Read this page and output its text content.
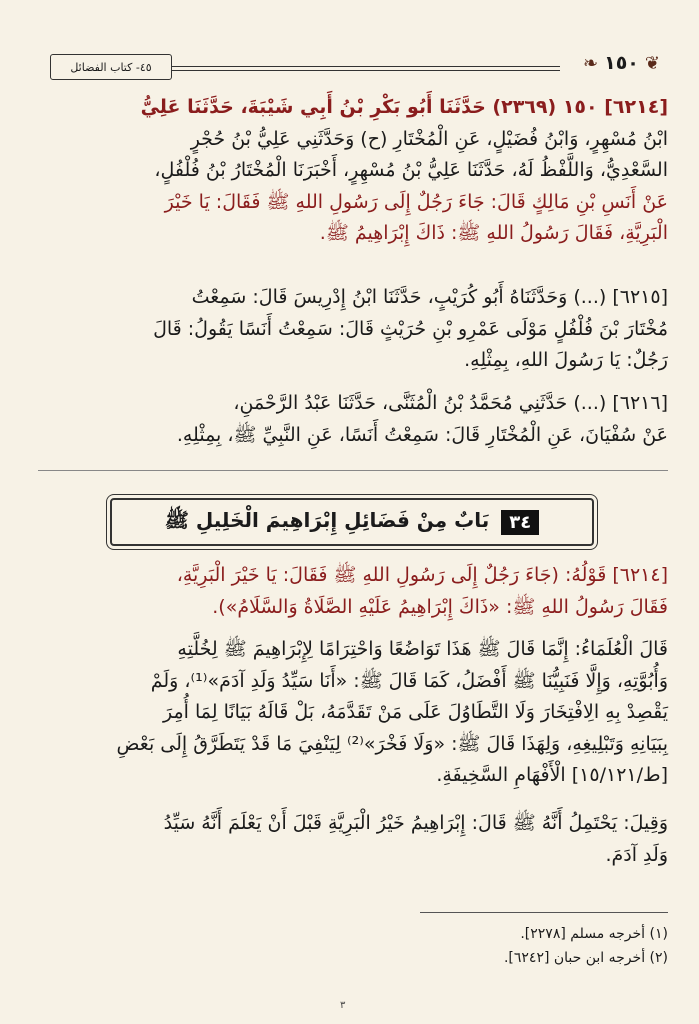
❦
١٥٠
❧
٤٥- كتاب الفضائل
[٦٢١٤] ١٥٠ (٢٣٦٩) حَدَّثَنَا أَبُو بَكْرِ بْنُ أَبِي شَيْبَةَ، حَدَّثَنَا عَلِيُّ
ابْنُ مُسْهِرٍ، وَابْنُ فُضَيْلٍ، عَنِ الْمُخْتَارِ (ح) وَحَدَّثَنِي عَلِيُّ بْنُ حُجْرٍ
السَّعْدِيُّ، وَاللَّفْظُ لَهُ، حَدَّثَنَا عَلِيُّ بْنُ مُسْهِرٍ، أَخْبَرَنَا الْمُخْتَارُ بْنُ فُلْفُلٍ،
عَنْ أَنَسِ بْنِ مَالِكٍ قَالَ: جَاءَ رَجُلٌ إِلَى رَسُولِ اللهِ ﷺ فَقَالَ: يَا خَيْرَ
الْبَرِيَّةِ، فَقَالَ رَسُولُ اللهِ ﷺ: ذَاكَ إِبْرَاهِيمُ ﷺ.
[٦٢١٥] (...) وَحَدَّثَنَاهُ أَبُو كُرَيْبٍ، حَدَّثَنَا ابْنُ إِدْرِيسَ قَالَ: سَمِعْتُ
مُخْتَارَ بْنَ فُلْفُلٍ مَوْلَى عَمْرِو بْنِ حُرَيْثٍ قَالَ: سَمِعْتُ أَنَسًا يَقُولُ: قَالَ
رَجُلٌ: يَا رَسُولَ اللهِ، بِمِثْلِهِ.
[٦٢١٦] (...) حَدَّثَنِي مُحَمَّدُ بْنُ الْمُثَنَّى، حَدَّثَنَا عَبْدُ الرَّحْمَنِ،
عَنْ سُفْيَانَ، عَنِ الْمُخْتَارِ قَالَ: سَمِعْتُ أَنَسًا، عَنِ النَّبِيِّ ﷺ، بِمِثْلِهِ.
٣٤
بَابٌ مِنْ فَضَائِلِ إِبْرَاهِيمَ الْخَلِيلِ ﷺ
[٦٢١٤] قَوْلُهُ: (جَاءَ رَجُلٌ إِلَى رَسُولِ اللهِ ﷺ فَقَالَ: يَا خَيْرَ الْبَرِيَّةِ،
فَقَالَ رَسُولُ اللهِ ﷺ: «ذَاكَ إِبْرَاهِيمُ عَلَيْهِ الصَّلَاةُ وَالسَّلَامُ»).
قَالَ الْعُلَمَاءُ: إِنَّمَا قَالَ ﷺ هَذَا تَوَاضُعًا وَاحْتِرَامًا لِإِبْرَاهِيمَ ﷺ لِخُلَّتِهِ
وَأُبُوَّتِهِ، وَإِلَّا فَنَبِيُّنَا ﷺ أَفْضَلُ، كَمَا قَالَ ﷺ: «أَنَا سَيِّدُ وَلَدِ آدَمَ»⁽¹⁾، وَلَمْ
يَقْصِدْ بِهِ الِافْتِخَارَ وَلَا التَّطَاوُلَ عَلَى مَنْ تَقَدَّمَهُ، بَلْ قَالَهُ بَيَانًا لِمَا أُمِرَ
بِبَيَانِهِ وَتَبْلِيغِهِ، وَلِهَذَا قَالَ ﷺ: «وَلَا فَخْرَ»⁽²⁾ لِيَنْفِيَ مَا قَدْ يَتَطَرَّقُ إِلَى بَعْضِ
[ط/١٥/١٢١] الْأَفْهَامِ السَّخِيفَةِ.
وَقِيلَ: يَحْتَمِلُ أَنَّهُ ﷺ قَالَ: إِبْرَاهِيمُ خَيْرُ الْبَرِيَّةِ قَبْلَ أَنْ يَعْلَمَ أَنَّهُ سَيِّدُ
وَلَدِ آدَمَ.
(١) أخرجه مسلم [٢٢٧٨].
(٢) أخرجه ابن حبان [٦٢٤٢].
٣
